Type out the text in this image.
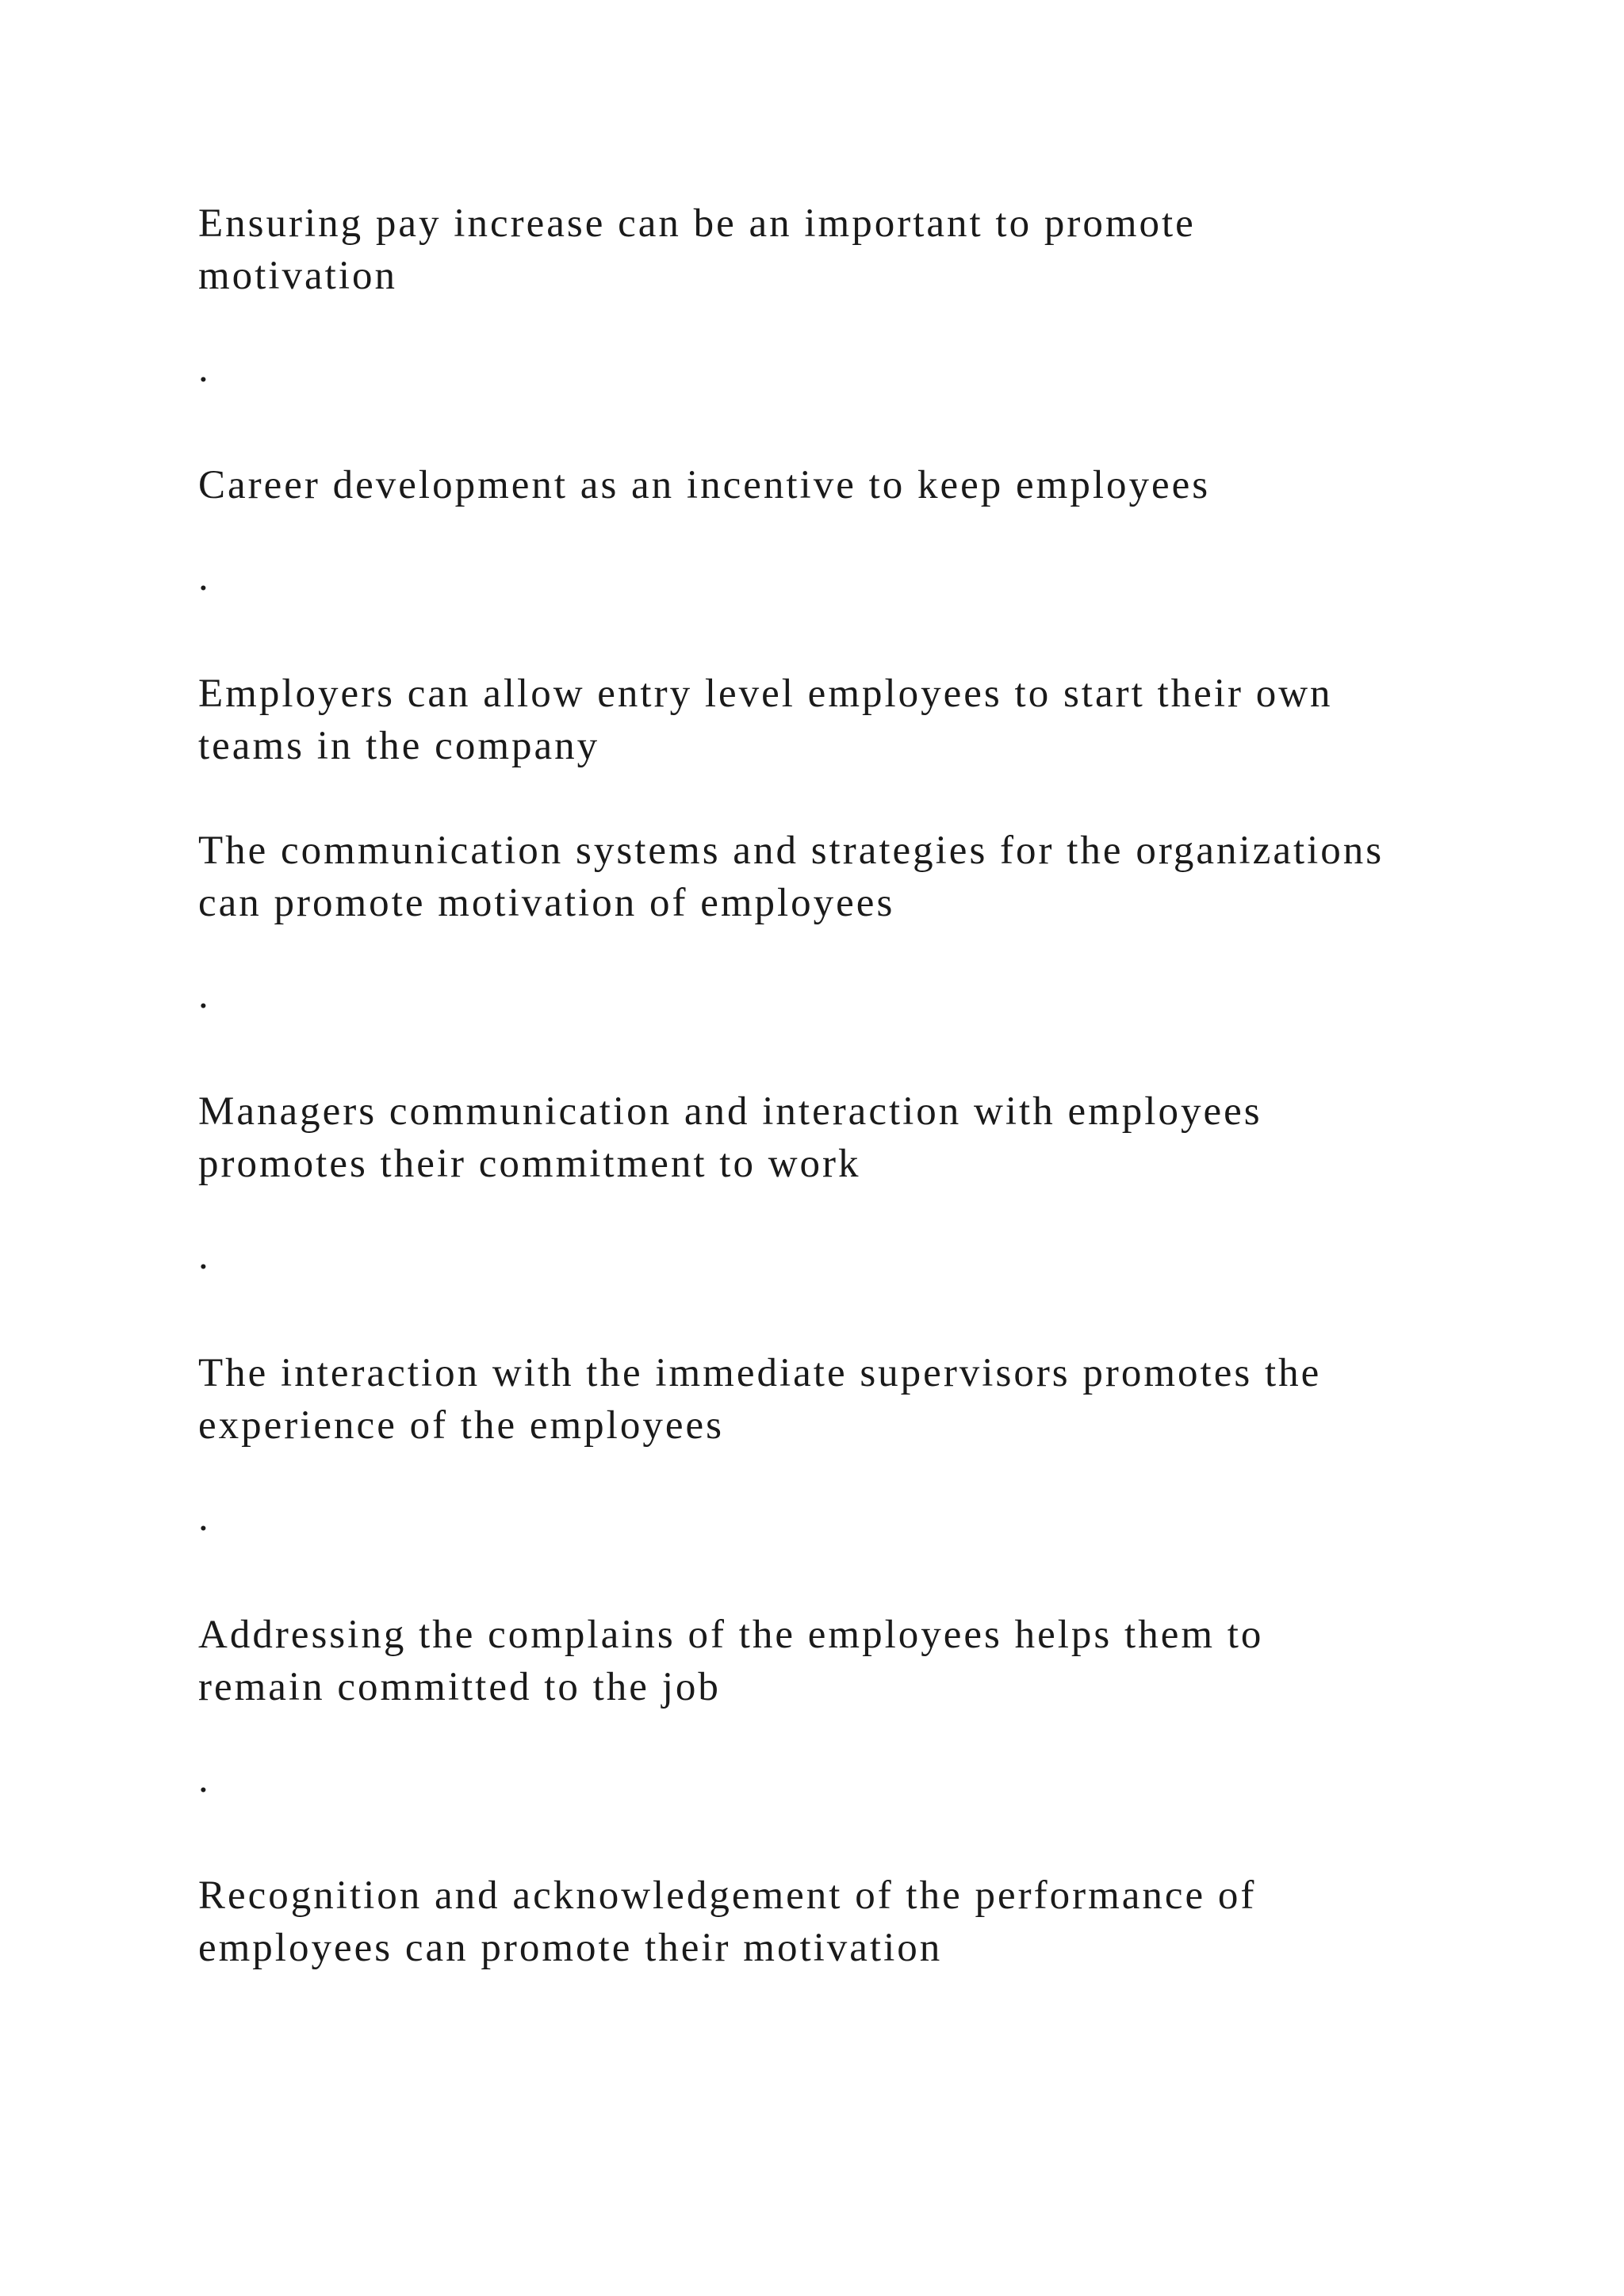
Ensuring pay increase can be an important to promote

motivation

.

Career development as an incentive to keep employees

.

Employers can allow entry level employees to start their own

teams in the company

The communication systems and strategies for the organizations

can promote motivation of employees

.

Managers communication and interaction with employees

promotes their commitment to work

.

The interaction with the immediate supervisors promotes the

experience of the employees

.

Addressing the complains of the employees helps them to

remain committed to the job

.

Recognition and acknowledgement of the performance of

employees can promote their motivation
